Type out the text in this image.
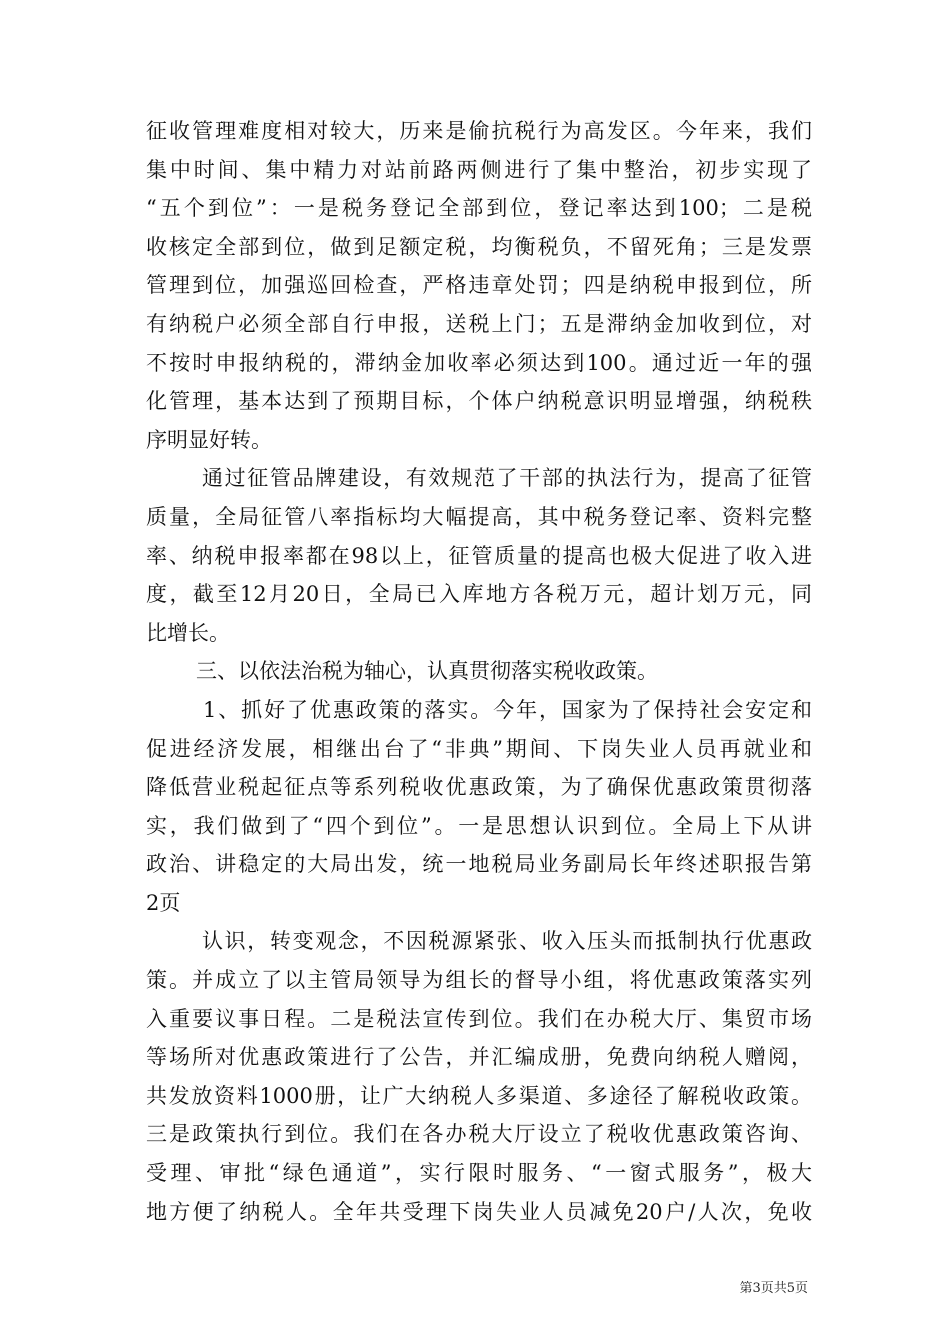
征收管理难度相对较大，历来是偷抗税行为高发区。今年来，我们
集中时间、集中精力对站前路两侧进行了集中整治，初步实现了
“五个到位”：一是税务登记全部到位，登记率达到100；二是税
收核定全部到位，做到足额定税，均衡税负，不留死角；三是发票
管理到位，加强巡回检查，严格违章处罚；四是纳税申报到位，所
有纳税户必须全部自行申报，送税上门；五是滞纳金加收到位，对
不按时申报纳税的，滞纳金加收率必须达到100。通过近一年的强
化管理，基本达到了预期目标，个体户纳税意识明显增强，纳税秩
序明显好转。
通过征管品牌建设，有效规范了干部的执法行为，提高了征管
质量，全局征管八率指标均大幅提高，其中税务登记率、资料完整
率、纳税申报率都在98以上，征管质量的提高也极大促进了收入进
度，截至12月20日，全局已入库地方各税万元，超计划万元，同
比增长。
三、以依法治税为轴心，认真贯彻落实税收政策。
1、抓好了优惠政策的落实。今年，国家为了保持社会安定和
促进经济发展，相继出台了“非典”期间、下岗失业人员再就业和
降低营业税起征点等系列税收优惠政策，为了确保优惠政策贯彻落
实，我们做到了“四个到位”。一是思想认识到位。全局上下从讲
政治、讲稳定的大局出发，统一地税局业务副局长年终述职报告第
2页
认识，转变观念，不因税源紧张、收入压头而抵制执行优惠政
策。并成立了以主管局领导为组长的督导小组，将优惠政策落实列
入重要议事日程。二是税法宣传到位。我们在办税大厅、集贸市场
等场所对优惠政策进行了公告，并汇编成册，免费向纳税人赠阅，
共发放资料1000册，让广大纳税人多渠道、多途径了解税收政策。
三是政策执行到位。我们在各办税大厅设立了税收优惠政策咨询、
受理、审批“绿色通道”，实行限时服务、“一窗式服务”，极大
地方便了纳税人。全年共受理下岗失业人员减免20户/人次，免收
第3页共5页
